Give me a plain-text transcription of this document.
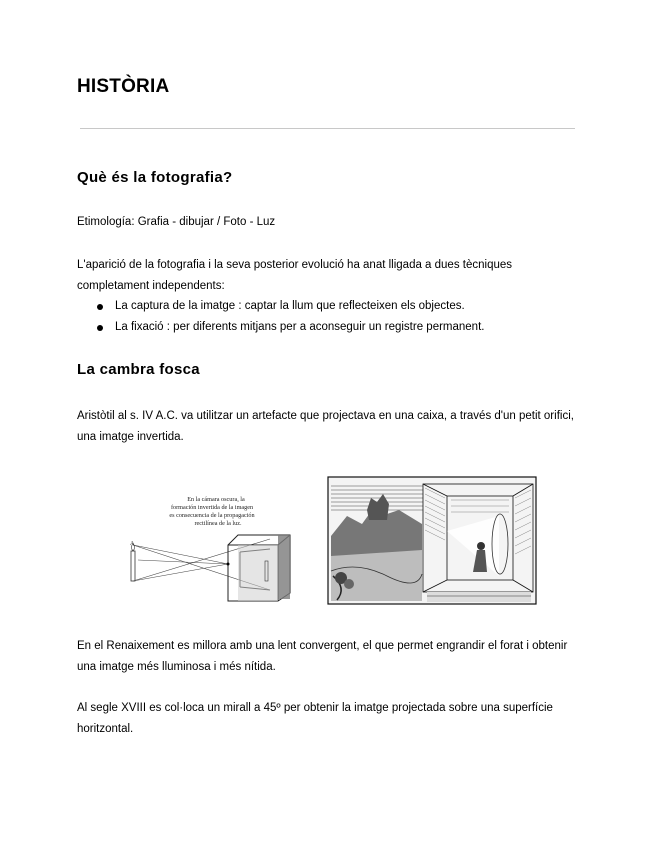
HISTÒRIA
Què és la fotografia?

Etimología: Grafia - dibujar / Foto - Luz

L'aparició de la fotografia i la seva posterior evolució ha anat lligada a dues tècniques completament independents:

La captura de la imatge : captar la llum que reflecteixen els objectes.
La fixació : per diferents mitjans per a aconseguir un registre permanent.
La cambra fosca

Aristòtil al s. IV A.C. va utilitzar un artefacte que projectava en una caixa, a través d'un petit orifici, una imatge invertida.

En la cámara oscura, la
formación invertida de la imagen
es consecuencia de la propagación
rectilínea de la luz.
A

En el Renaixement es millora amb una lent convergent, el que permet engrandir el forat i obtenir una imatge més lluminosa i més nítida.

Al segle XVIII es col·loca un mirall a 45º per obtenir la imatge projectada sobre una superfície horitzontal.
